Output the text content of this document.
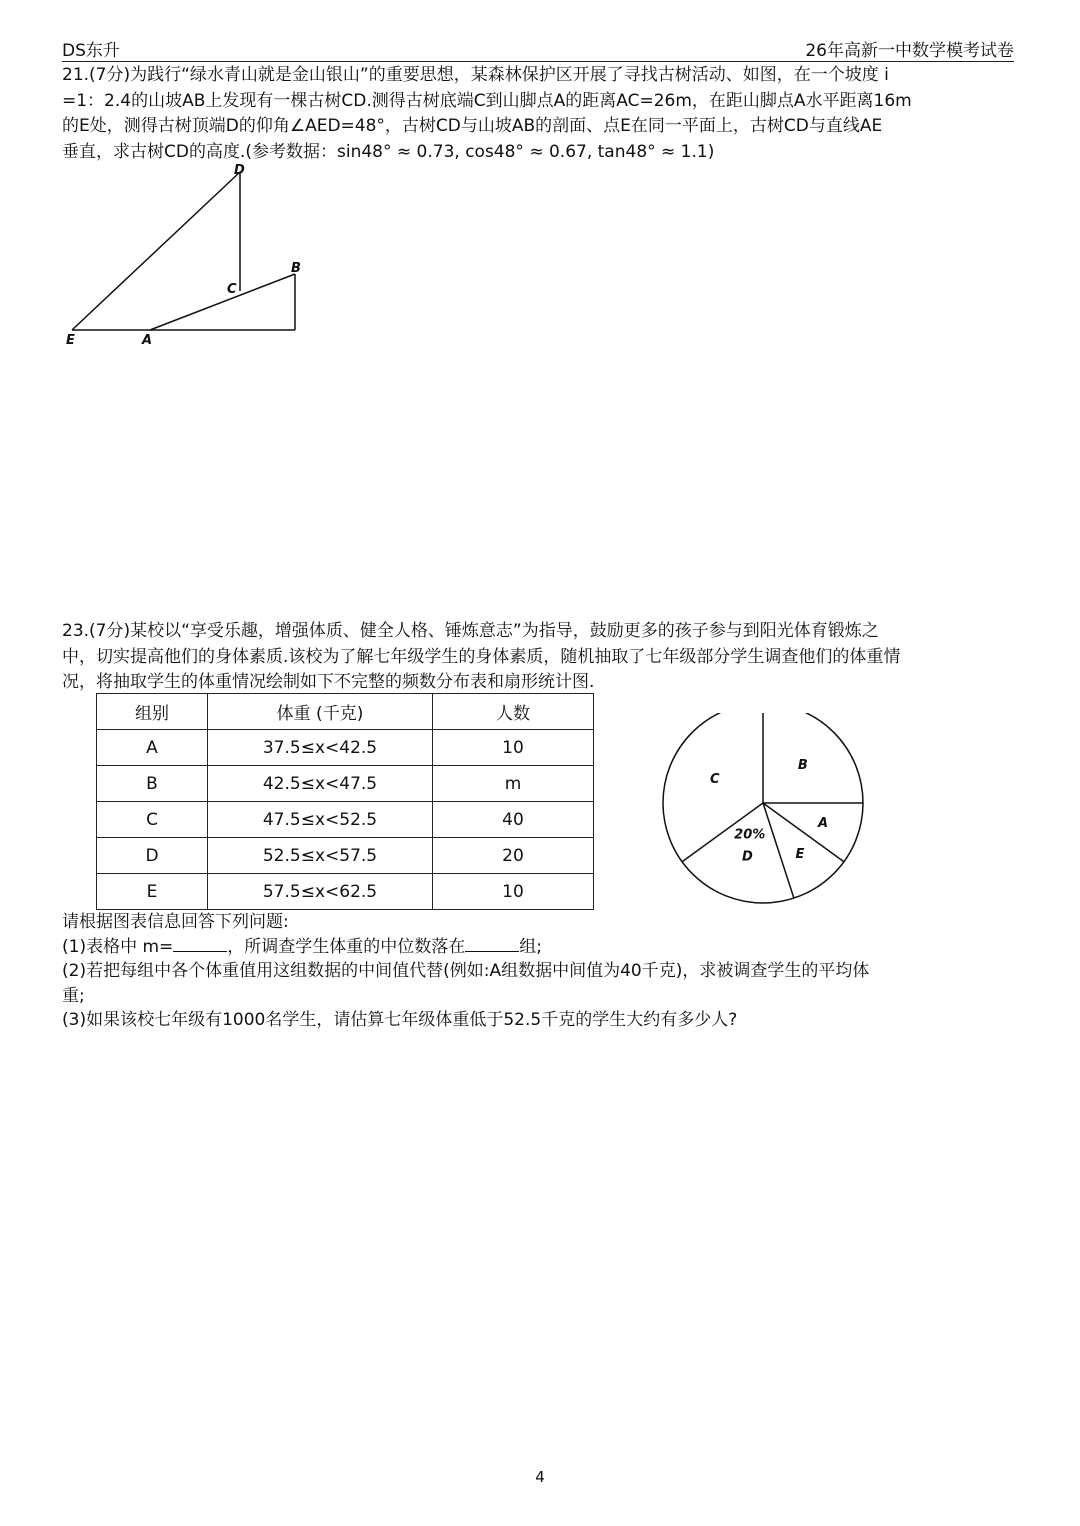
DS东升	26年高新一中数学模考试卷
21.(7分)为践行“绿水青山就是金山银山”的重要思想，某森林保护区开展了寻找古树活动、如图，在一个坡度 i
=1：2.4的山坡AB上发现有一棵古树CD.测得古树底端C到山脚点A的距离AC=26m，在距山脚点A水平距离16m
的E处，测得古树顶端D的仰角∠AED=48°，古树CD与山坡AB的剖面、点E在同一平面上，古树CD与直线AE
垂直，求古树CD的高度.(参考数据：sin48° ≈ 0.73, cos48° ≈ 0.67, tan48° ≈ 1.1)
D
C
B
E	A
23.(7分)某校以“享受乐趣，增强体质、健全人格、锤炼意志”为指导，鼓励更多的孩子参与到阳光体育锻炼之
中，切实提高他们的身体素质.该校为了解七年级学生的身体素质，随机抽取了七年级部分学生调查他们的体重情
况，将抽取学生的体重情况绘制如下不完整的频数分布表和扇形统计图.
组别	体重 (千克)	人数
A	37.5≤x<42.5	10
B	42.5≤x<47.5	m
C	47.5≤x<52.5	40
D	52.5≤x<57.5	20
E	57.5≤x<62.5	10
B
A
E
D
20%
C
请根据图表信息回答下列问题:
(1)表格中 m=	，所调查学生体重的中位数落在	组;
(2)若把每组中各个体重值用这组数据的中间值代替(例如:A组数据中间值为40千克)，求被调查学生的平均体
重;
(3)如果该校七年级有1000名学生，请估算七年级体重低于52.5千克的学生大约有多少人?
4
